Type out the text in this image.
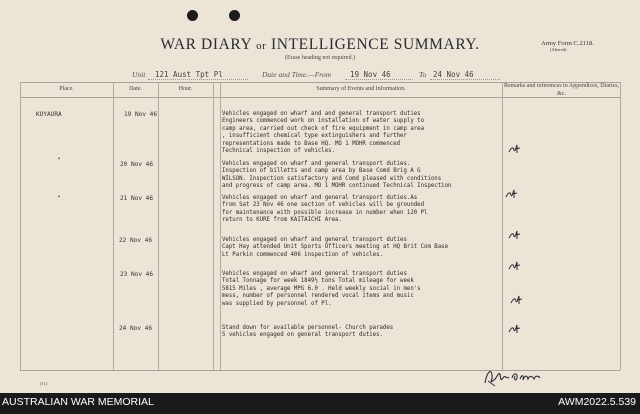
WAR DIARY or INTELLIGENCE SUMMARY.
(Erase heading not required.)
Army Form C.2118.
(Altered)
Unit 121 Aust Tpt Pl	Date and Time.—From	19 Nov 46	To 24 Nov 46
Place.	Date.	Hour.	Summary of Events and Information.	Remarks and references to Appendices, Diaries, &c.
KOYAURA	19 Nov 46	Vehicles engaged on wharf and and general transport duties
Engineers commenced work on installation of water supply to
camp area, carried out check of fire equipment in camp area
, insufficient chemical type extinguishers and further
representations made to Base HQ. MO 1 MOHR commenced
Technical inspection of vehicles.
"
20 Nov 46	Vehicles engaged on wharf and general transport duties.
Inspection of billetts and camp area by Base Comd Brig A G
WILSON. Inspection satisfactory and Comd pleased with conditions
and progress of camp area. MO 1 MOHR continued Technical Inspection
"	21 Nov 46	Vehicles engaged on wharf and general transport duties.As
from Sat 23 Nov 46 one section of vehicles will be grounded
for maintenance with possible increase in number when 120 Pl
return to KURE from KAITAICHI Area.
22 Nov 46	Vehicles engaged on wharf and general transport duties
Capt Hay attended Unit Sports Officers meeting at HQ Brit Com Base
Lt Parkin commenced 406 inspection of vehicles.
23 Nov 46	Vehicles engaged on wharf and general transport duties
Total Tonnage for week 1849½ tons Total mileage for week
5815 Miles , average MPG 6.0 . Held weekly social in men's
mess, number of personnel rendered vocal items and music
was supplied by personnel of Pl.
24 Nov 46	Stand down for available personnel- Church parades
5 vehicles engaged on general transport duties.
(11)
AUSTRALIAN WAR MEMORIAL	AWM2022.5.539
